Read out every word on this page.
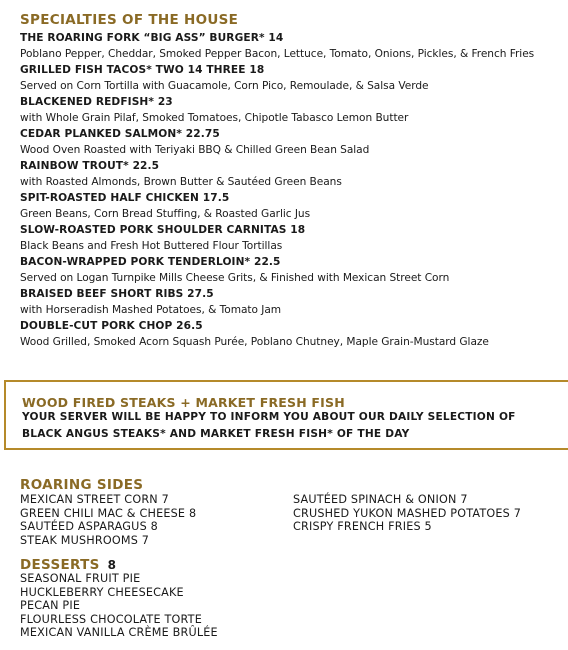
SPECIALTIES OF THE HOUSE
THE ROARING FORK “BIG ASS” BURGER* 14
Poblano Pepper, Cheddar, Smoked Pepper Bacon, Lettuce, Tomato, Onions, Pickles, & French Fries
GRILLED FISH TACOS* TWO 14 THREE 18
Served on Corn Tortilla with Guacamole, Corn Pico, Remoulade, & Salsa Verde
BLACKENED REDFISH* 23
with Whole Grain Pilaf, Smoked Tomatoes, Chipotle Tabasco Lemon Butter
CEDAR PLANKED SALMON* 22.75
Wood Oven Roasted with Teriyaki BBQ & Chilled Green Bean Salad
RAINBOW TROUT* 22.5
with Roasted Almonds, Brown Butter & Sautéed Green Beans
SPIT-ROASTED HALF CHICKEN 17.5
Green Beans, Corn Bread Stuffing, & Roasted Garlic Jus
SLOW-ROASTED PORK SHOULDER CARNITAS 18
Black Beans and Fresh Hot Buttered Flour Tortillas
BACON-WRAPPED PORK TENDERLOIN* 22.5
Served on Logan Turnpike Mills Cheese Grits, & Finished with Mexican Street Corn
BRAISED BEEF SHORT RIBS 27.5
with Horseradish Mashed Potatoes, & Tomato Jam
DOUBLE-CUT PORK CHOP 26.5
Wood Grilled, Smoked Acorn Squash Purée, Poblano Chutney, Maple Grain-Mustard Glaze
WOOD FIRED STEAKS + MARKET FRESH FISH
YOUR SERVER WILL BE HAPPY TO INFORM YOU ABOUT OUR DAILY SELECTION OF
BLACK ANGUS STEAKS* AND MARKET FRESH FISH* OF THE DAY
ROARING SIDES
MEXICAN STREET CORN 7
GREEN CHILI MAC & CHEESE 8
SAUTÉED ASPARAGUS 8
STEAK MUSHROOMS 7
SAUTÉED SPINACH & ONION 7
CRUSHED YUKON MASHED POTATOES 7
CRISPY FRENCH FRIES 5
DESSERTS 8
SEASONAL FRUIT PIE
HUCKLEBERRY CHEESECAKE
PECAN PIE
FLOURLESS CHOCOLATE TORTE
MEXICAN VANILLA CRÈME BRÛLÉE
